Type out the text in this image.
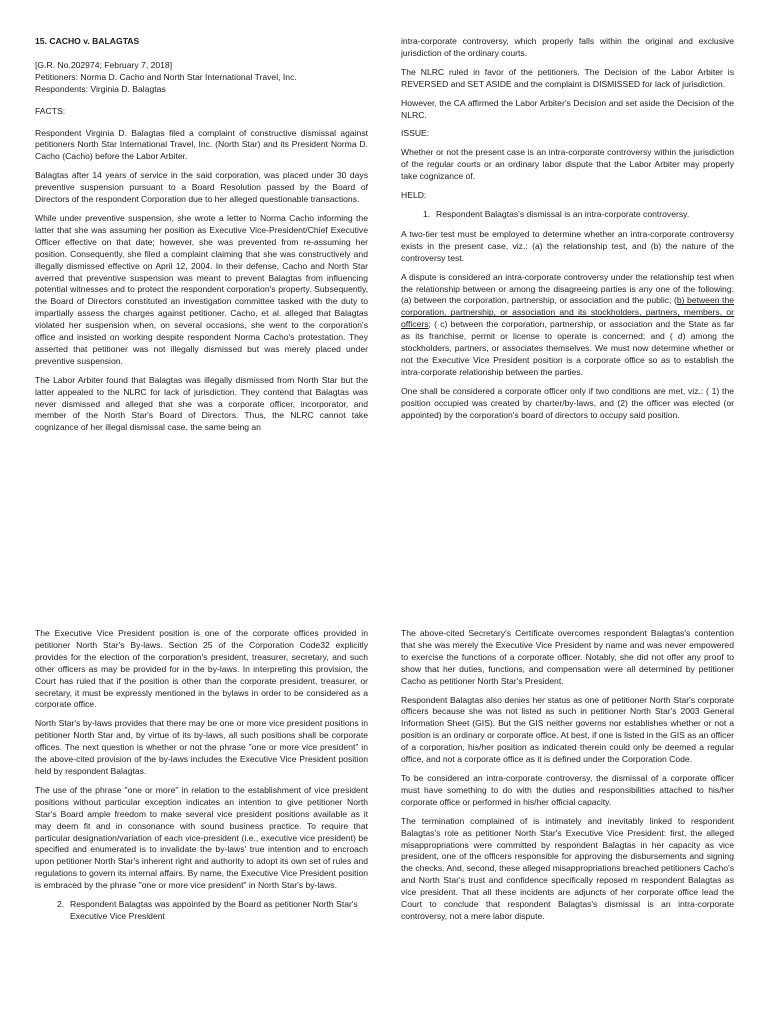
15. CACHO v. BALAGTAS

[G.R. No.202974; February 7, 2018]

Petitioners: Norma D. Cacho and North Star International Travel, Inc.

Respondents: Virginia D. Balagtas

FACTS:

Respondent Virginia D. Balagtas filed a complaint of constructive dismissal against petitioners North Star International Travel, Inc. (North Star) and its President Norma D. Cacho (Cacho) before the Labor Arbiter.

Balagtas after 14 years of service in the said corporation, was placed under 30 days preventive suspension pursuant to a Board Resolution passed by the Board of Directors of the respondent Corporation due to her alleged questionable transactions.

While under preventive suspension, she wrote a letter to Norma Cacho informing the latter that she was assuming her position as Executive Vice-President/Chief Executive Officer effective on that date; however, she was prevented from re-assuming her position. Consequently, she filed a complaint claiming that she was constructively and illegally dismissed effective on April 12, 2004. In their defense, Cacho and North Star averred that preventive suspension was meant to prevent Balagtas from influencing potential witnesses and to protect the respondent corporation's property. Subsequently, the Board of Directors constituted an investigation committee tasked with the duty to impartially assess the charges against petitioner. Cacho, et al. alleged that Balagtas violated her suspension when, on several occasions, she went to the corporation's office and insisted on working despite respondent Norma Cacho's protestation. They asserted that petitioner was not illegally dismissed but was merely placed under preventive suspension.

The Labor Arbiter found that Balagtas was illegally dismissed from North Star but the latter appealed to the NLRC for lack of jurisdiction. They contend that Balagtas was never dismissed and alleged that she was a corporate officer, incorporator, and member of the North Star's Board of Directors. Thus, the NLRC cannot take cognizance of her illegal dismissal case, the same being an

intra-corporate controversy, which properly falls within the original and exclusive jurisdiction of the ordinary courts.

The NLRC ruled in favor of the petitioners. The Decision of the Labor Arbiter is REVERSED and SET ASIDE and the complaint is DISMISSED for lack of jurisdiction.

However, the CA affirmed the Labor Arbiter's Decision and set aside the Decision of the NLRC.

ISSUE:

Whether or not the present case is an intra-corporate controversy within the jurisdiction of the regular courts or an ordinary labor dispute that the Labor Arbiter may properly take cognizance of.

HELD:

1. Respondent Balagtas's dismissal is an intra-corporate controversy.

A two-tier test must be employed to determine whether an intra-corporate controversy exists in the present case, viz.: (a) the relationship test, and (b) the nature of the controversy test.

A dispute is considered an intra-corporate controversy under the relationship test when the relationship between or among the disagreeing parties is any one of the following: (a) between the corporation, partnership, or association and the public; (b) between the corporation, partnership, or association and its stockholders, partners, members, or officers; ( c) between the corporation, partnership, or association and the State as far as its franchise, permit or license to operate is concerned; and ( d) among the stockholders, partners, or associates themselves. We must now determine whether or not the Executive Vice President position is a corporate office so as to establish the intra-corporate relationship between the parties.

One shall be considered a corporate officer only if two conditions are met, viz.: ( 1) the position occupied was created by charter/by-laws, and (2) the officer was elected (or appointed) by the corporation's board of directors to occupy said position.

The Executive Vice President position is one of the corporate offices provided in petitioner North Star's By-laws. Section 25 of the Corporation Code32 explicitly provides for the election of the corporation's president, treasurer, secretary, and such other officers as may be provided for in the by-laws. In interpreting this provision, the Court has ruled that if the position is other than the corporate president, treasurer, or secretary, it must be expressly mentioned in the bylaws in order to be considered as a corporate office.

North Star's by-laws provides that there may be one or more vice president positions in petitioner North Star and, by virtue of its by-laws, all such positions shall be corporate offices. The next question is whether or not the phrase "one or more vice president" in the above-cited provision of the by-laws includes the Executive Vice President position held by respondent Balagtas.

The use of the phrase "one or more" in relation to the establishment of vice president positions without particular exception indicates an intention to give petitioner North Star's Board ample freedom to make several vice president positions available as it may deem fit and in consonance with sound business practice. To require that particular designation/variation of each vice-president (i.e., executive vice president) be specified and enumerated is to invalidate the by-laws' true intention and to encroach upon petitioner North Star's inherent right and authority to adopt its own set of rules and regulations to govern its internal affairs. By name, the Executive Vice President position is embraced by the phrase "one or more vice president" in North Star's by-laws.

2. Respondent Balagtas was appointed by the Board as petitioner North Star's Executive Vice President

The above-cited Secretary's Certificate overcomes respondent Balagtas's contention that she was merely the Executive Vice President by name and was never empowered to exercise the functions of a corporate officer. Notably, she did not offer any proof to show that her duties, functions, and compensation were all determined by petitioner Cacho as petitioner North Star's President.

Respondent Balagtas also denies her status as one of petitioner North Star's corporate officers because she was not listed as such in petitioner North Star's 2003 General Information Sheet (GIS). But the GIS neither governs nor establishes whether or not a position is an ordinary or corporate office. At best, if one is listed in the GIS as an officer of a corporation, his/her position as indicated therein could only be deemed a regular office, and not a corporate office as it is defined under the Corporation Code.

To be considered an intra-corporate controversy, the dismissal of a corporate officer must have something to do with the duties and responsibilities attached to his/her corporate office or performed in his/her official capacity.

The termination complained of is intimately and inevitably linked to respondent Balagtas's role as petitioner North Star's Executive Vice President: first, the alleged misappropriations were committed by respondent Balagtas in her capacity as vice president, one of the officers responsible for approving the disbursements and signing the checks. And, second, these alleged misappropriations breached petitioners Cacho's and North Star's trust and confidence specifically reposed m respondent Balagtas as vice president. That all these incidents are adjuncts of her corporate office lead the Court to conclude that respondent Balagtas's dismissal is an intra-corporate controversy, not a mere labor dispute.
